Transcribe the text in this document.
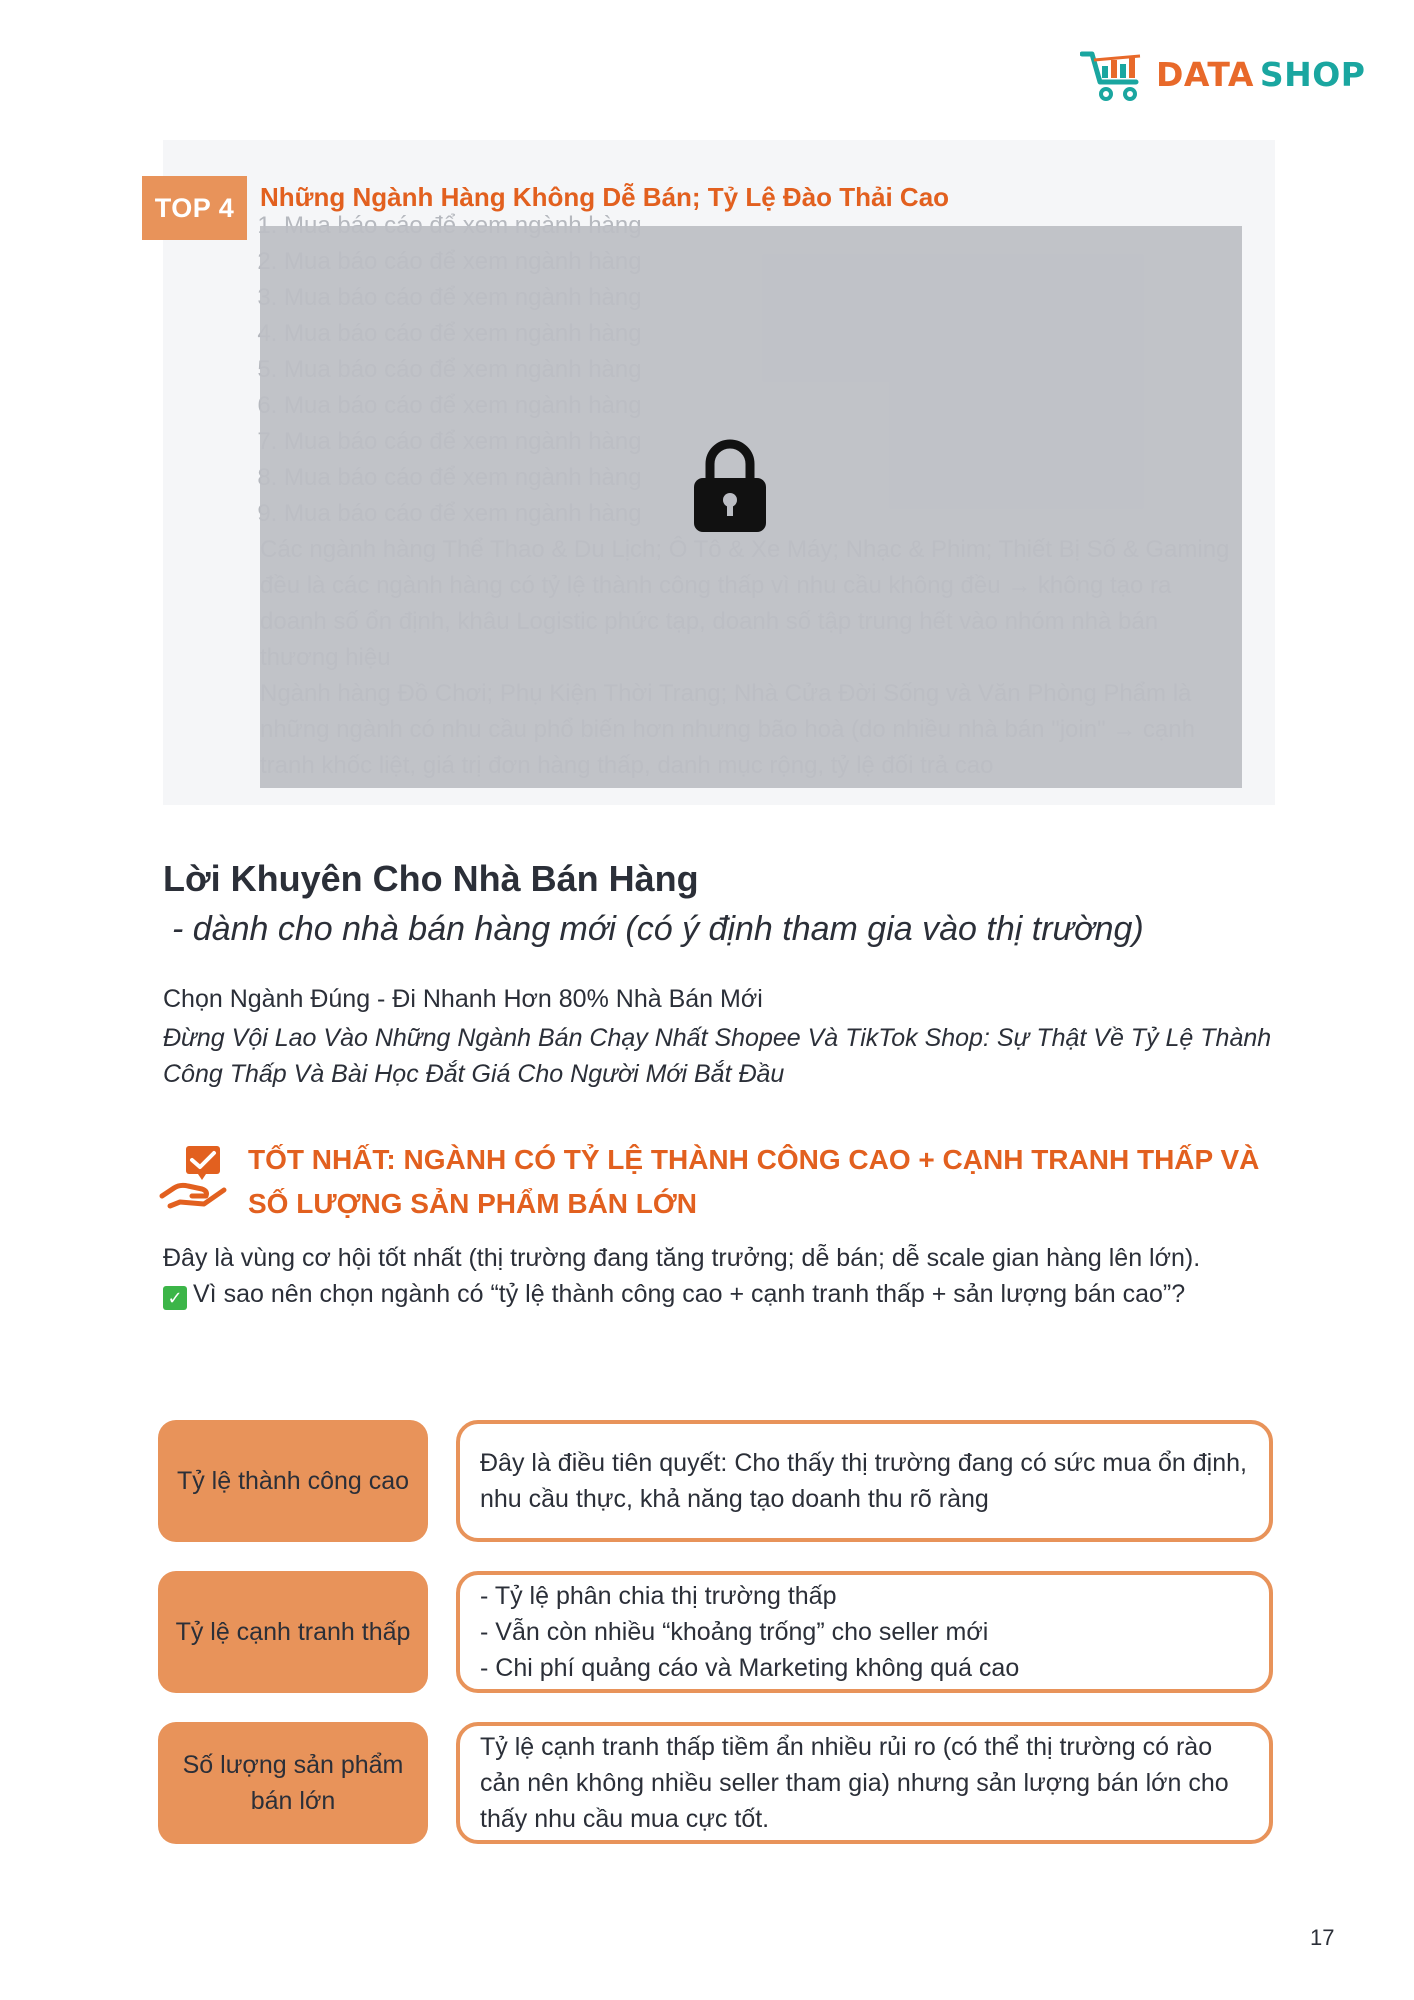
DATA SHOP
TOP 4 Những Ngành Hàng Không Dễ Bán; Tỷ Lệ Đào Thải Cao
1.
2.
3.
4.
5.
6.
7.
8.
9.

Lời Khuyên Cho Nhà Bán Hàng
- dành cho nhà bán hàng mới (có ý định tham gia vào thị trường)
Chọn Ngành Đúng - Đi Nhanh Hơn 80% Nhà Bán Mới
Đừng Vội Lao Vào Những Ngành Bán Chạy Nhất Shopee Và TikTok Shop: Sự Thật Về Tỷ Lệ Thành Công Thấp Và Bài Học Đắt Giá Cho Người Mới Bắt Đầu
TỐT NHẤT: NGÀNH CÓ TỶ LỆ THÀNH CÔNG CAO + CẠNH TRANH THẤP VÀ SỐ LƯỢNG SẢN PHẨM BÁN LỚN

Đây là vùng cơ hội tốt nhất (thị trường đang tăng trưởng; dễ bán; dễ scale gian hàng lên lớn).

✓ Vì sao nên chọn ngành có “tỷ lệ thành công cao + cạnh tranh thấp + sản lượng bán cao”?

Tỷ lệ thành công cao

Đây là điều tiên quyết: Cho thấy thị trường đang có sức mua ổn định, nhu cầu thực, khả năng tạo doanh thu rõ ràng

Tỷ lệ cạnh tranh thấp

- Tỷ lệ phân chia thị trường thấp

- Vẫn còn nhiều “khoảng trống” cho seller mới

- Chi phí quảng cáo và Marketing không quá cao

Số lượng sản phẩm bán lớn

Tỷ lệ cạnh tranh thấp tiềm ẩn nhiều rủi ro (có thể thị trường có rào cản nên không nhiều seller tham gia) nhưng sản lượng bán lớn cho thấy nhu cầu mua cực tốt.

17
